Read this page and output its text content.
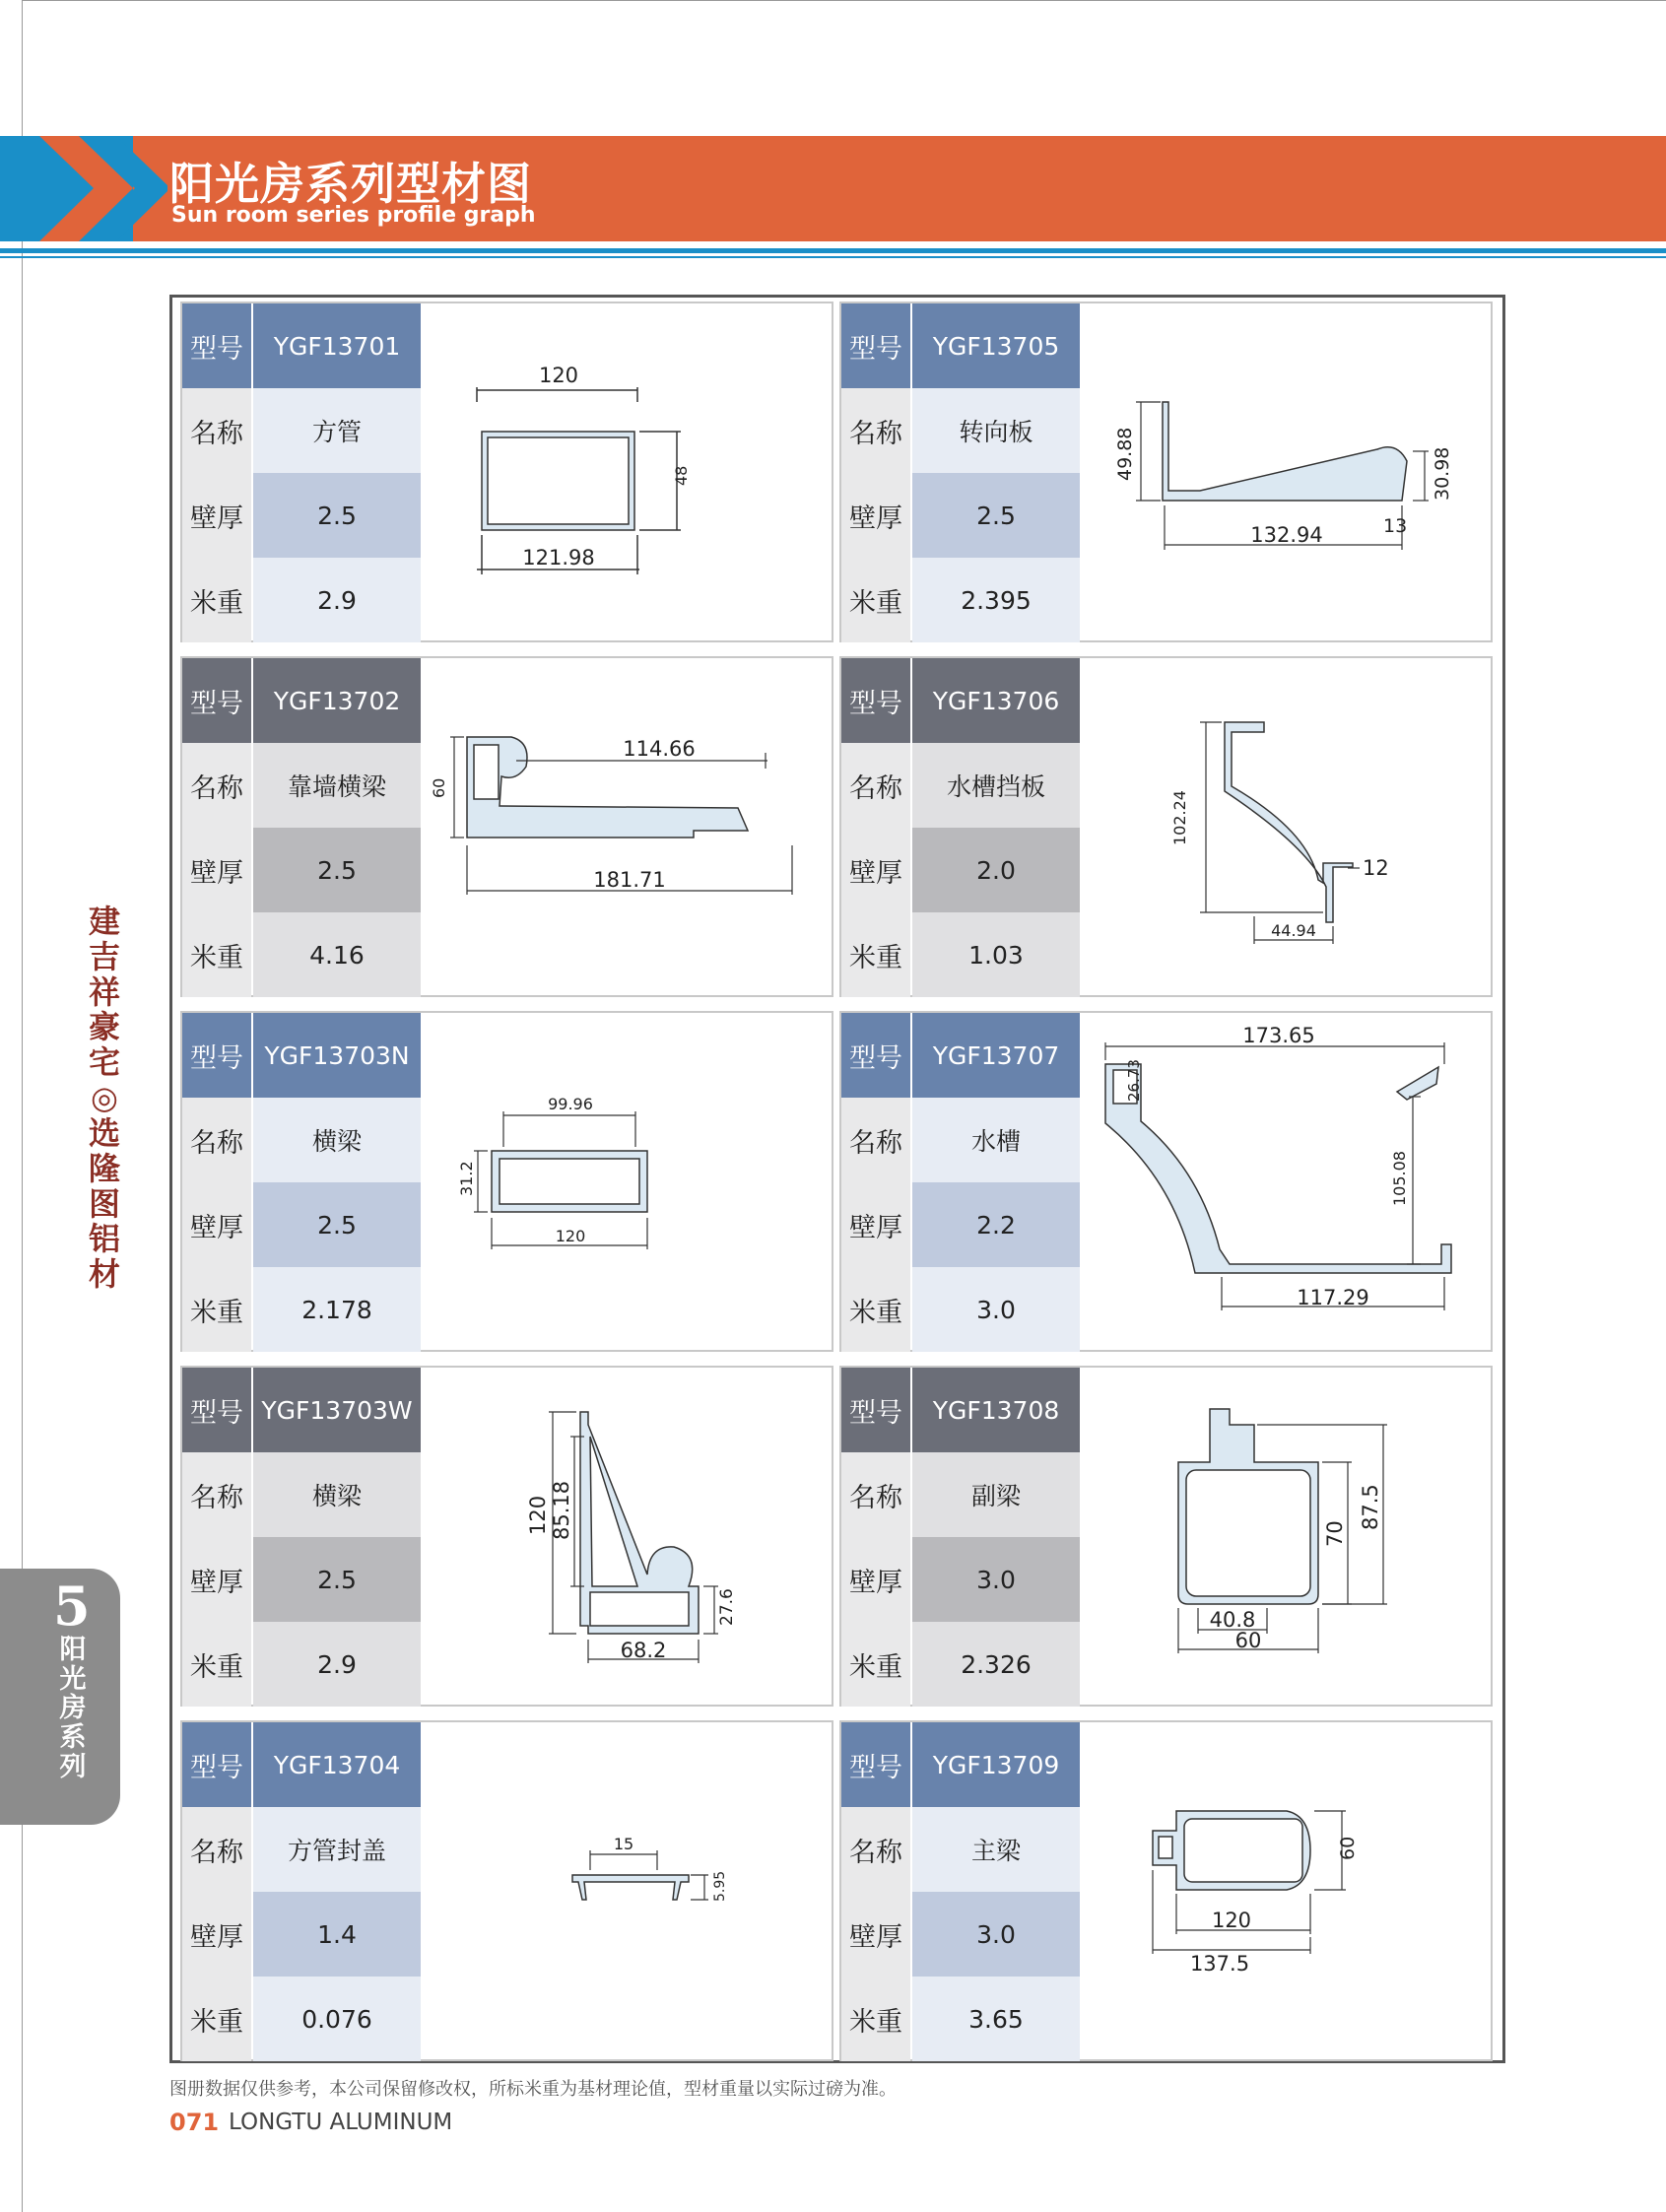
阳光房系列型材图
Sun room series profile graph
建吉祥豪宅◎选隆图铝材
5
阳光房系列
型号	YGF13701
名称	方管
壁厚	2.5
米重	2.9
120
48
121.98
型号	YGF13705
名称	转向板
壁厚	2.5
米重	2.395
49.88	30.98
13
132.94
型号	YGF13702
名称	靠墙横梁
壁厚	2.5
米重	4.16
114.66
60
181.71
型号	YGF13706
名称	水槽挡板
壁厚	2.0
米重	1.03
102.24
12
44.94
型号 YGF13703N
名称	横梁
壁厚	2.5
米重	2.178
99.96
31.2
120
型号	YGF13707
名称	水槽
壁厚	2.2
米重	3.0
173.65
26.73
105.08
117.29
型号 YGF13703W
名称	横梁
壁厚	2.5
米重	2.9
120 85.18
27.6
68.2
型号	YGF13708
名称	副梁
壁厚	3.0
米重	2.326
70
87.5
40.8
60
型号	YGF13704
名称	方管封盖
壁厚	1.4
米重	0.076
15
5.95
型号	YGF13709
名称	主梁
壁厚	3.0
米重	3.65
60
120
137.5
图册数据仅供参考，本公司保留修改权，所标米重为基材理论值，型材重量以实际过磅为准。
071 LONGTU ALUMINUM
